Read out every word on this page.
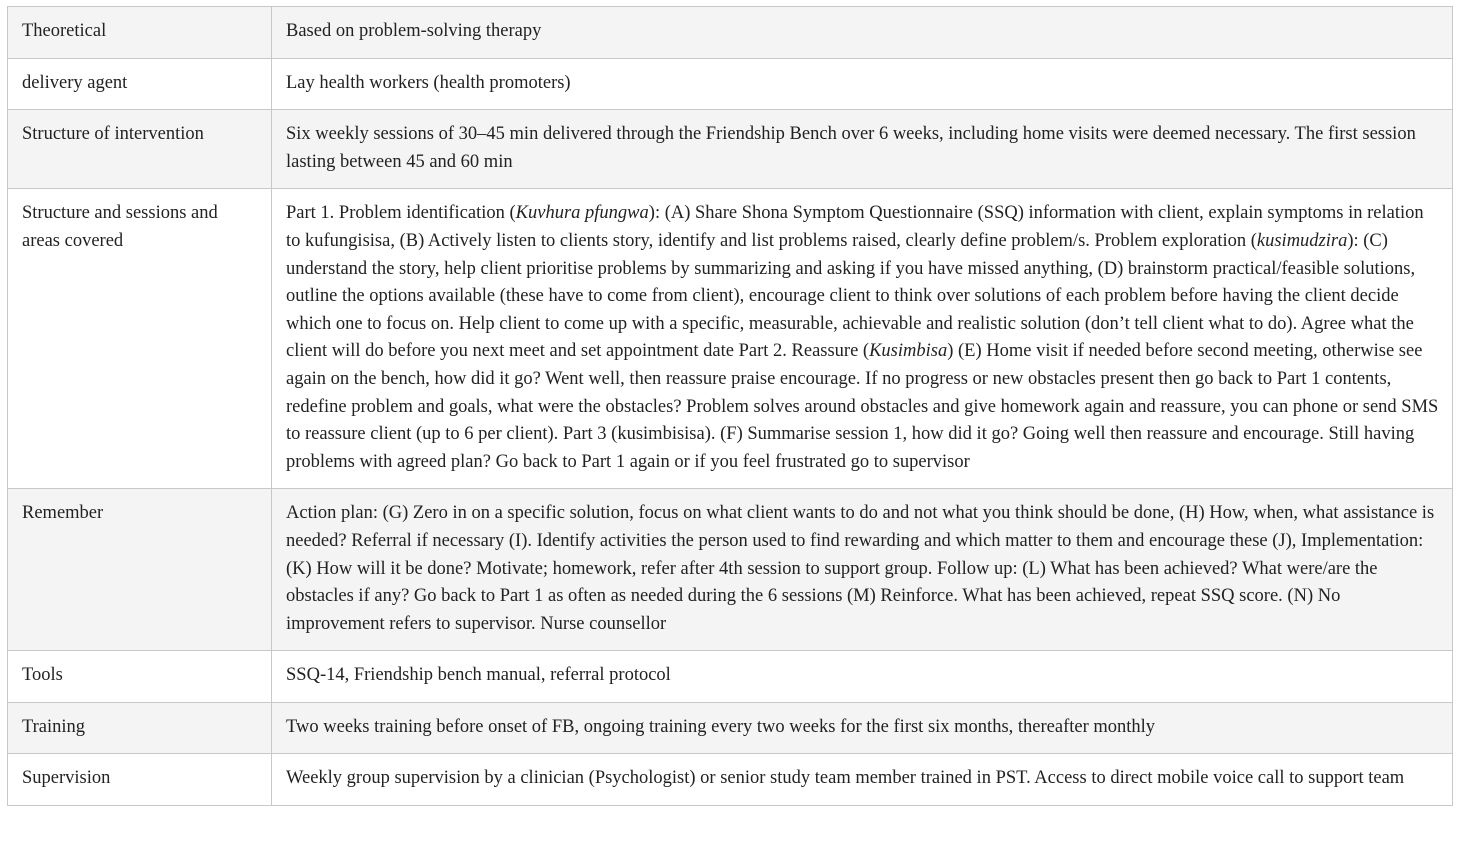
Theoretical	Based on problem-solving therapy
delivery agent	Lay health workers (health promoters)
Structure of intervention	Six weekly sessions of 30–45 min delivered through the Friendship Bench over 6 weeks, including home visits were deemed necessary. The first session lasting between 45 and 60 min
Structure and sessions and areas covered	Part 1. Problem identification (Kuvhura pfungwa): (A) Share Shona Symptom Questionnaire (SSQ) information with client, explain symptoms in relation to kufungisisa, (B) Actively listen to clients story, identify and list problems raised, clearly define problem/s. Problem exploration (kusimudzira): (C) understand the story, help client prioritise problems by summarizing and asking if you have missed anything, (D) brainstorm practical/feasible solutions, outline the options available (these have to come from client), encourage client to think over solutions of each problem before having the client decide which one to focus on. Help client to come up with a specific, measurable, achievable and realistic solution (don’t tell client what to do). Agree what the client will do before you next meet and set appointment date Part 2. Reassure (Kusimbisa) (E) Home visit if needed before second meeting, otherwise see again on the bench, how did it go? Went well, then reassure praise encourage. If no progress or new obstacles present then go back to Part 1 contents, redefine problem and goals, what were the obstacles? Problem solves around obstacles and give homework again and reassure, you can phone or send SMS to reassure client (up to 6 per client). Part 3 (kusimbisisa). (F) Summarise session 1, how did it go? Going well then reassure and encourage. Still having problems with agreed plan? Go back to Part 1 again or if you feel frustrated go to supervisor
Remember	Action plan: (G) Zero in on a specific solution, focus on what client wants to do and not what you think should be done, (H) How, when, what assistance is needed? Referral if necessary (I). Identify activities the person used to find rewarding and which matter to them and encourage these (J), Implementation: (K) How will it be done? Motivate; homework, refer after 4th session to support group. Follow up: (L) What has been achieved? What were/are the obstacles if any? Go back to Part 1 as often as needed during the 6 sessions (M) Reinforce. What has been achieved, repeat SSQ score. (N) No improvement refers to supervisor. Nurse counsellor
Tools	SSQ-14, Friendship bench manual, referral protocol
Training	Two weeks training before onset of FB, ongoing training every two weeks for the first six months, thereafter monthly
Supervision	Weekly group supervision by a clinician (Psychologist) or senior study team member trained in PST. Access to direct mobile voice call to support team
